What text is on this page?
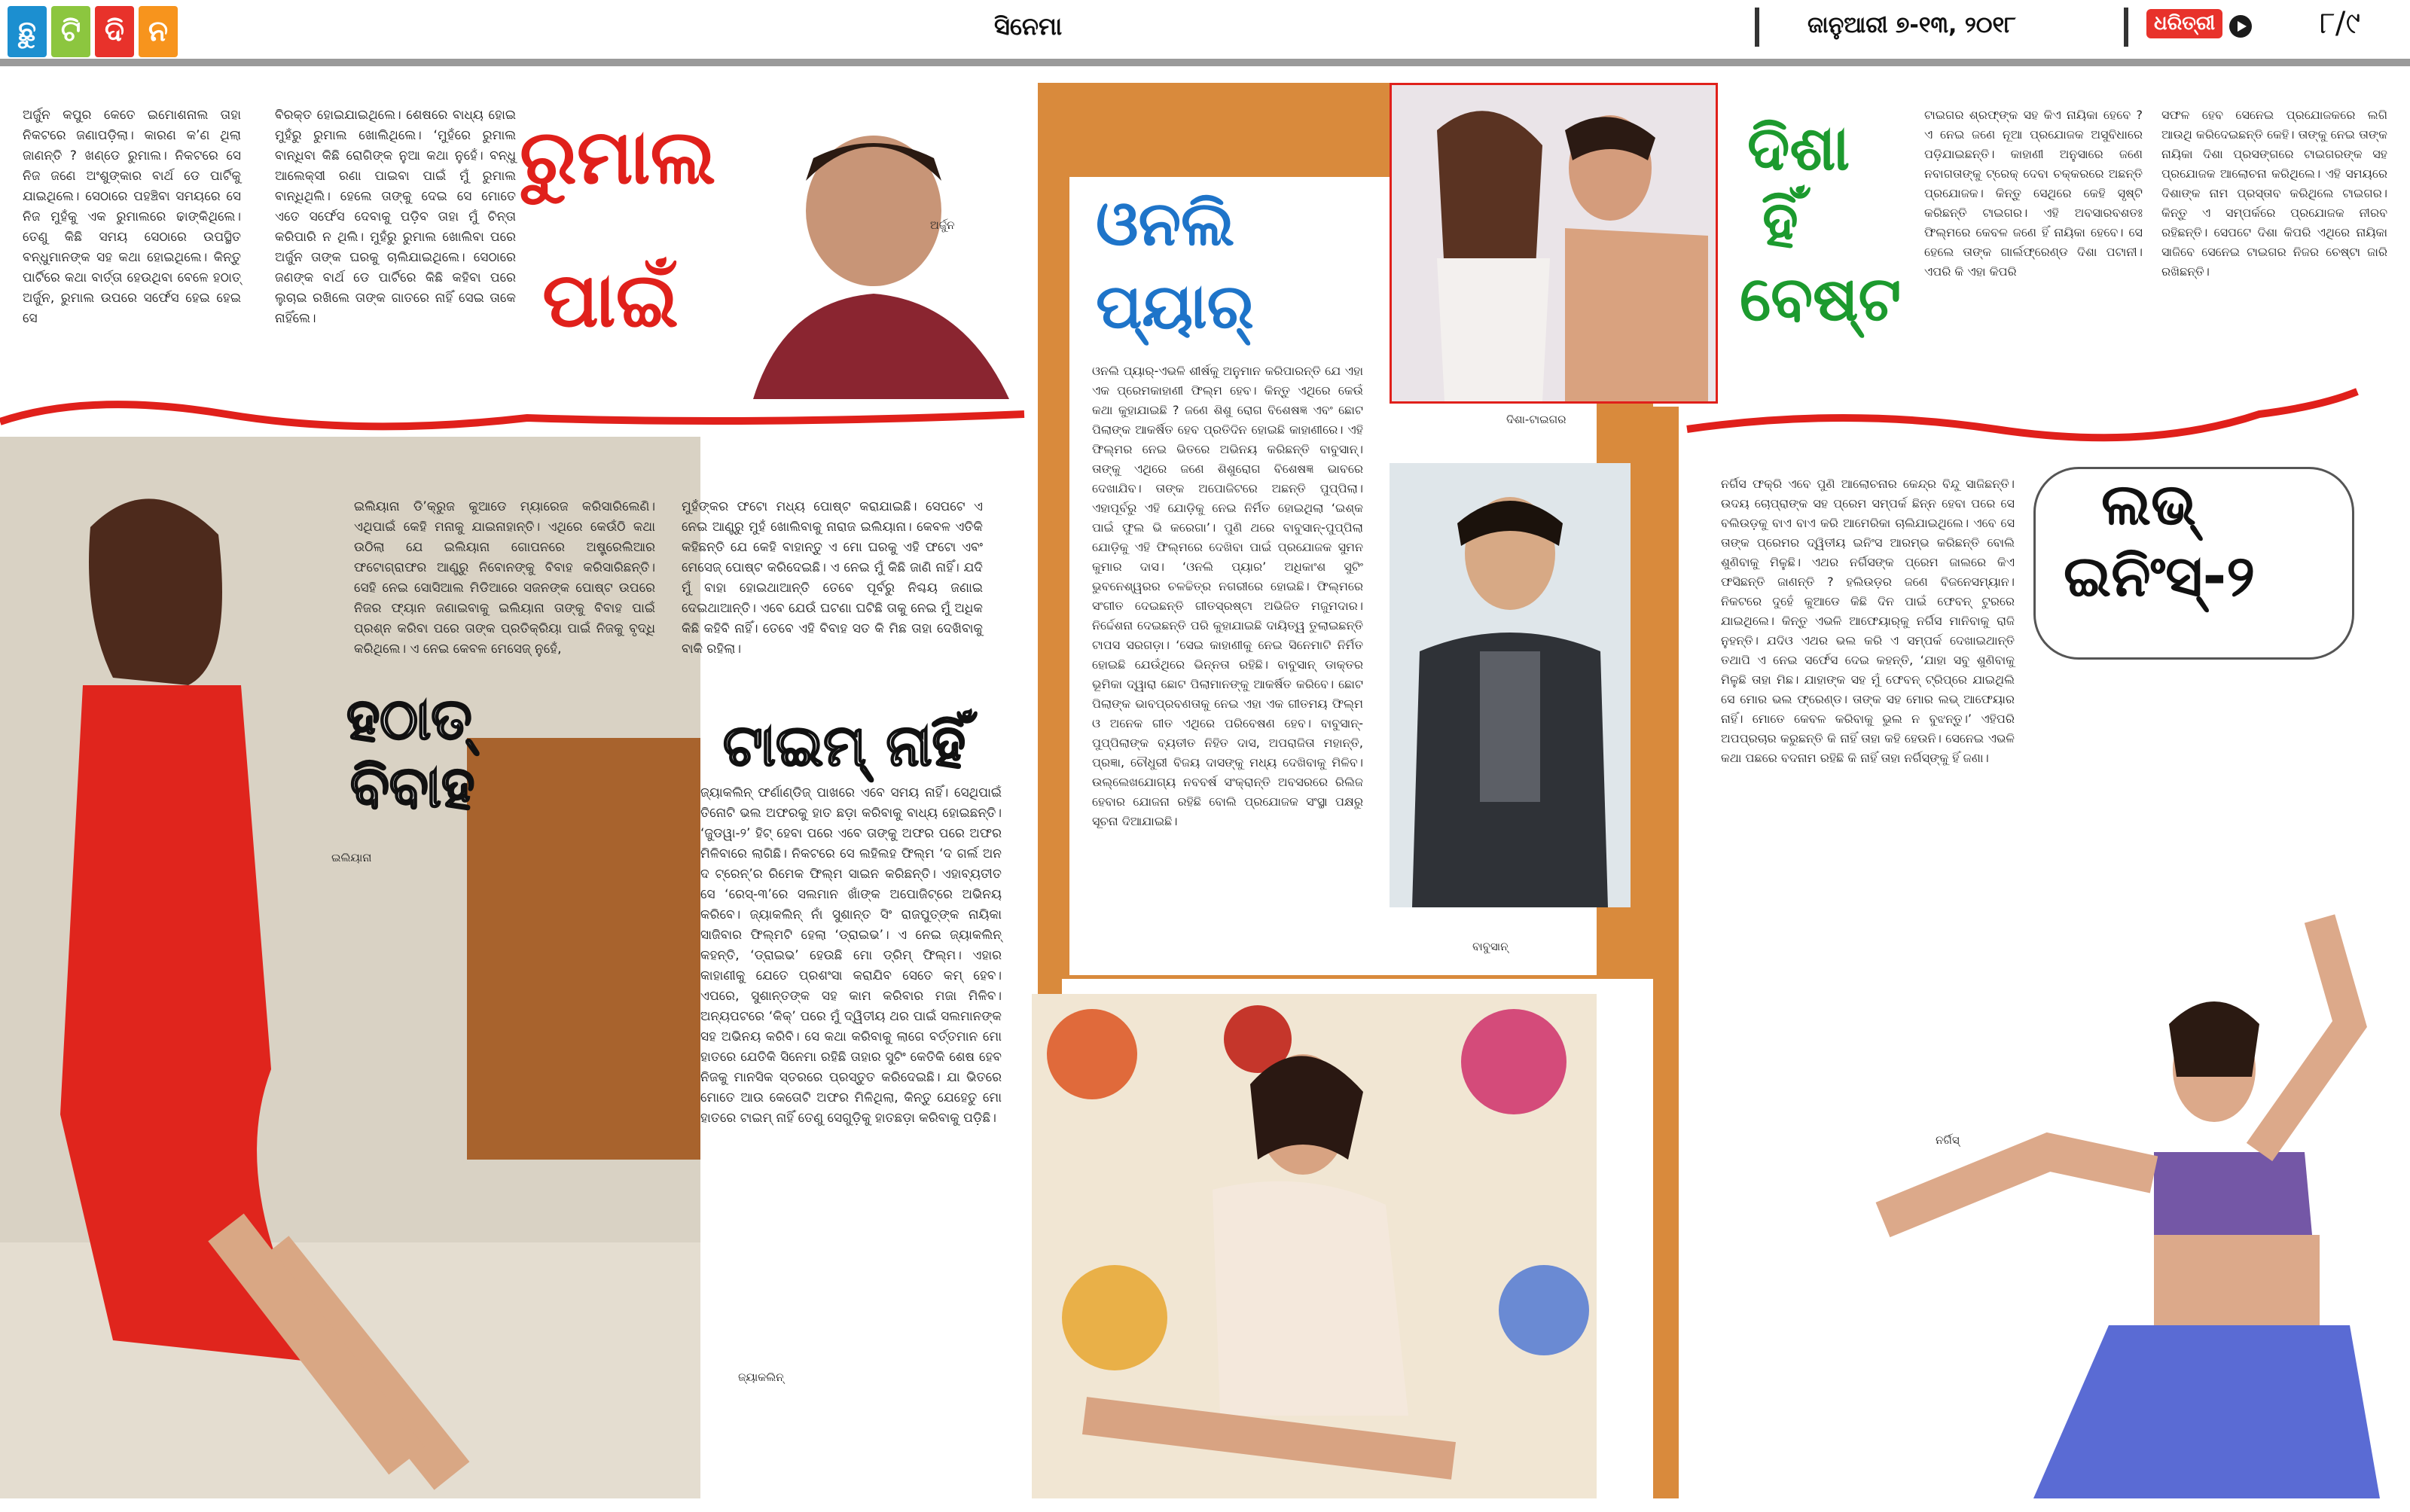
ଛୁ ଟି ଦି ନ	ସିନେମା	ଜାନୁଆରୀ ୭-୧୩, ୨୦୧୮	ଧରିତ୍ରୀ	୮/୯
ଅର୍ଜୁନ କପୁର କେତେ ଇମୋଶନାଲ ତାହା ନିକଟରେ ଜଣାପଡ଼ିଲା। କାରଣ କ’ଣ ଥିଲା ଜାଣନ୍ତି ? ଖଣ୍ଡେ ରୁମାଲ। ନିକଟରେ ସେ ନିଜ ଜଣେ ଅଂଶୁଙ୍କାର ବାର୍ଥ ଡେ ପାର୍ଟିକୁ ଯାଇଥିଲେ। ସେଠାରେ ପହଞ୍ଚିବା ସମୟରେ ସେ ନିଜ ମୁହଁକୁ ଏକ ରୁମାଲରେ ଢାଙ୍କିଥିଲେ। ତେଣୁ କିଛି ସମୟ ସେଠାରେ ଉପସ୍ଥିତ ବନ୍ଧୁମାନଙ୍କ ସହ କଥା ହୋଇଥିଲେ। କିନ୍ତୁ ପାର୍ଟିରେ କଥା ବାର୍ତ୍ତା ହେଉଥିବା ବେଳେ ହଠାତ୍ ଅର୍ଜୁନ, ରୁମାଲ ଉପରେ ସର୍ଫେସ ହେଇ ହେଇ ସେ
ବିରକ୍ତ ହୋଇଯାଇଥିଲେ। ଶେଷରେ ବାଧ୍ୟ ହୋଇ ମୁହଁରୁ ରୁମାଲ ଖୋଲିଥିଲେ। ‘ମୁହଁରେ ରୁମାଲ ବାନ୍ଧିବା କିଛି ରୋଗିଙ୍କ ନୁଆ କଥା ନୁହେଁ। ବନ୍ଧୁ ଆଲେକ୍ସୀ ରଣା ପାଇବା ପାଇଁ ମୁଁ ରୁମାଲ ବାନ୍ଧିଥିଲି। ହେଲେ ତାଙ୍କୁ ଦେଇ ସେ ମୋତେ ଏତେ ସର୍ଫେସ ଦେବାକୁ ପଡ଼ିବ ତାହା ମୁଁ ଚିନ୍ତା କରିପାରି ନ ଥିଲି। ମୁହଁରୁ ରୁମାଲ ଖୋଲିବା ପରେ ଅର୍ଜୁନ ତାଙ୍କ ଘରକୁ ଚାଲିଯାଇଥିଲେ। ସେଠାରେ ଜଣଙ୍କ ବାର୍ଥ ଡେ ପାର୍ଟିରେ କିଛି କହିବା ପରେ ଲୁଚାଇ ରଖିଲେ ତାଙ୍କ ଗାତରେ ନାହିଁ ସେଇ ତାକେ ନାହିଁଲେ।
ରୁମାଲ
ପାଇଁ
ଅର୍ଜୁନ
ଇଲିୟାନା
ଇଲିୟାନା ଡି’କ୍ରୁଜ କୁଆଡେ ମ୍ୟାରେଜ କରିସାରିଲେଣି। ଏଥିପାଇଁ କେହି ମନାକୁ ଯାଇନାହାନ୍ତି। ଏଥିରେ କେଉଁଠି କଥା ଉଠିଲା ଯେ ଇଲିୟାନା ଗୋପନରେ ଅଷ୍ଟ୍ରେଲିଆର ଫଟୋଗ୍ରାଫର ଆଣ୍ଡ୍ରୁ ନିବୋନଙ୍କୁ ବିବାହ କରିସାରିଛନ୍ତି। ସେହି ନେଇ ସୋସିଆଲ ମିଡିଆରେ ସଜନଙ୍କ ପୋଷ୍ଟ ଉପରେ ନିଜର ଫ୍ୟାନ ଜଣାଇବାକୁ ଇଲିୟାନା ତାଙ୍କୁ ବିବାହ ପାଇଁ ପ୍ରଶ୍ନ କରିବା ପରେ ତାଙ୍କ ପ୍ରତିକ୍ରିୟା ପାଇଁ ନିଜକୁ ବୃଦ୍ଧି କରିଥିଲେ। ଏ ନେଇ କେବଳ ମେସେଜ୍ ନୁହେଁ,
ମୁହଁଙ୍କର ଫଟୋ ମଧ୍ୟ ପୋଷ୍ଟ କରାଯାଇଛି। ସେପଟେ ଏ ନେଇ ଆଣ୍ଡ୍ରୁ ମୁହଁ ଖୋଲିବାକୁ ନାରାଜ ଇଲିୟାନା। କେବଳ ଏତିକି କହିଛନ୍ତି ଯେ କେହି ବାହାନ୍ତୁ ଏ ମୋ ଘରକୁ ଏହି ଫଟୋ ଏବଂ ମେସେଜ୍ ପୋଷ୍ଟ କରିଦେଇଛି। ଏ ନେଇ ମୁଁ କିଛି ଜାଣି ନାହିଁ। ଯଦି ମୁଁ ବାହା ହୋଇଥାଆନ୍ତି ତେବେ ପୂର୍ବରୁ ନିଶ୍ଚୟ ଜଣାଇ ଦେଇଥାଆନ୍ତି। ଏବେ ଯେଉଁ ଘଟଣା ଘଟିଛି ତାକୁ ନେଇ ମୁଁ ଅଧିକ କିଛି କହିବି ନାହିଁ। ତେବେ ଏହି ବିବାହ ସତ କି ମିଛ ତାହା ଦେଖିବାକୁ ବାକି ରହିଲା।
ହଠାତ୍
ବିବାହ
ଟାଇମ୍ ନାହିଁ
ଜ୍ୟାକଲିନ୍ ଫର୍ଣାଣ୍ଡିଜ୍ ପାଖରେ ଏବେ ସମୟ ନାହିଁ। ସେଥିପାଇଁ ତିନୋଟି ଭଲ ଅଫରକୁ ହାତ ଛଡ଼ା କରିବାକୁ ବାଧ୍ୟ ହୋଇଛନ୍ତି। ‘ଜୁଡୱା-୨’ ହିଟ୍ ହେବା ପରେ ଏବେ ତାଙ୍କୁ ଅଫର ପରେ ଅଫର ମିଳିବାରେ ଲାଗିଛି। ନିକଟରେ ସେ ଲହିଲହ ଫିଲ୍ମ ‘ଦ ଗର୍ଲ ଅନ ଦ ଟ୍ରେନ୍’ର ରିମେକ ଫିଲ୍ମ ସାଇନ କରିଛନ୍ତି। ଏହାବ୍ୟତୀତ ସେ ‘ରେସ୍-୩’ରେ ସଲମାନ ଖାଁଙ୍କ ଅପୋଜିଟ୍‌ରେ ଅଭିନୟ କରିବେ। ଜ୍ୟାକଲିନ୍ ନାଁ ସୁଶାନ୍ତ ସିଂ ରାଜପୁତ୍‌ଙ୍କ ନାୟିକା ସାଜିବାର ଫିଲ୍ମଟି ହେଲା ‘ଡ୍ରାଇଭ’। ଏ ନେଇ ଜ୍ୟାକଲିନ୍ କହନ୍ତି, ‘ଡ୍ରାଇଭ’ ହେଉଛି ମୋ ଡ୍ରିମ୍ ଫିଲ୍ମ। ଏହାର କାହାଣୀକୁ ଯେତେ ପ୍ରଶଂସା କରାଯିବ ସେତେ କମ୍ ହେବ। ଏପରେ, ସୁଶାନ୍ତଙ୍କ ସହ କାମ କରିବାର ମଜା ମିଳିବ। ଅନ୍ୟପଟରେ ‘କିକ୍’ ପରେ ମୁଁ ଦ୍ୱିତୀୟ ଥର ପାଇଁ ସଲମାନଙ୍କ ସହ ଅଭିନୟ କରିବି। ସେ କଥା କରିବାକୁ ଲାଗେ ବର୍ତ୍ତମାନ ମୋ ହାତରେ ଯେତିକି ସିନେମା ରହିଛି ତାହାର ସୁଟିଂ କେତିକି ଶେଷ ହେବ ନିଜକୁ ମାନସିକ ସ୍ତରରେ ପ୍ରସ୍ତୁତ କରିଦେଇଛି। ଯା ଭିତରେ ମୋତେ ଆଉ କେତୋଟି ଅଫର ମିଳିଥିଲା, କିନ୍ତୁ ଯେହେତୁ ମୋ ହାତରେ ଟାଇମ୍ ନାହିଁ ତେଣୁ ସେଗୁଡ଼ିକୁ ହାତଛଡ଼ା କରିବାକୁ ପଡ଼ିଛି।
ଜ୍ୟାକଲିନ୍
ଓନଲି
ପ୍ୟାର୍
ଓନଲି ପ୍ୟାର୍-ଏଭଳି ଶୀର୍ଷକୁ ଅନୁମାନ କରିପାରନ୍ତି ଯେ ଏହା ଏକ ପ୍ରେମକାହାଣୀ ଫିଲ୍ମ ହେବ। କିନ୍ତୁ ଏଥିରେ କେଉଁ କଥା କୁହାଯାଇଛି ? ଜଣେ ଶିଶୁ ରୋଗ ବିଶେଷଜ୍ଞ ଏବଂ ଛୋଟ ପିଲାଙ୍କ ଆକର୍ଷିତ ହେବ ପ୍ରତିଦିନ ହୋଇଛି କାହାଣୀରେ। ଏହି ଫିଲ୍ମର ନେଇ ଭିତରେ ଅଭିନୟ କରିଛନ୍ତି ବାବୁସାନ୍। ତାଙ୍କୁ ଏଥିରେ ଜଣେ ଶିଶୁରୋଗ ବିଶେଷଜ୍ଞ ଭାବରେ ଦେଖାଯିବ। ତାଙ୍କ ଅପୋଜିଟରେ ଅଛନ୍ତି ପୁପ୍ପିଲା। ଏହାପୂର୍ବରୁ ଏହି ଯୋଡ଼ିକୁ ନେଇ ନିର୍ମିତ ହୋଇଥିଲା ‘ଇଶ୍କ ପାଇଁ ଫୁଲ ଭି କରେଗା’। ପୁଣି ଥରେ ବାବୁସାନ୍-ପୁପ୍ପିଲା ଯୋଡ଼ିକୁ ଏହି ଫିଲ୍ମରେ ଦେଖିବା ପାଇଁ ପ୍ରଯୋଜକ ସୁମନ କୁମାର ଦାସ। ‘ଓନଲି ପ୍ୟାର’ ଅଧିକାଂଶ ସୁଟିଂ ଭୁବନେଶ୍ୱରର ଚଳଚ୍ଚିତ୍ର ନଗରୀରେ ହୋଇଛି। ଫିଲ୍ମରେ ସଂଗୀତ ଦେଇଛନ୍ତି ଗୀତସ୍ରଷ୍ଟା ଅଭିଜିତ ମଜୁମଦାର। ନିର୍ଦ୍ଦେଶନା ଦେଇଛନ୍ତି ପରି କୁହାଯାଇଛି ଦାୟିତ୍ୱ ତୁଲାଇଛନ୍ତି ଟାପସ ସରଗଡ଼ା। ‘ସେଇ କାହାଣୀକୁ ନେଇ ସିନେମାଟି ନିର୍ମିତ ହୋଇଛି ଯେଉଁଥିରେ ଭିନ୍ନତା ରହିଛି। ବାବୁସାନ୍ ଡାକ୍ତର ଭୂମିକା ଦ୍ୱାରା ଛୋଟ ପିଲାମାନଙ୍କୁ ଆକର୍ଷିତ କରିବେ। ଛୋଟ ପିଲାଙ୍କ ଭାବପ୍ରବଣତାକୁ ନେଇ ଏହା ଏକ ଗୀତମୟ ଫିଲ୍ମ ଓ ଅନେକ ଗୀତ ଏଥିରେ ପରିବେଷଣ ହେବ। ବାବୁସାନ୍-ପୁପ୍ପିଲାଙ୍କ ବ୍ୟତୀତ ନିହିତ ଦାସ, ଅପରାଜିତା ମହାନ୍ତି, ପ୍ରଜ୍ଞା, ଚୌଧୁରୀ ବିଜୟ ଦାସଙ୍କୁ ମଧ୍ୟ ଦେଖିବାକୁ ମିଳିବ। ଉଲ୍ଲେଖଯୋଗ୍ୟ ନବବର୍ଷ ସଂକ୍ରାନ୍ତି ଅବସରରେ ରିଲିଜ ହେବାର ଯୋଜନା ରହିଛି ବୋଲି ପ୍ରଯୋଜକ ସଂସ୍ଥା ପକ୍ଷରୁ ସୂଚନା ଦିଆଯାଇଛି।
ଦିଶା-ଟାଇଗର
ବାବୁସାନ୍
ଦିଶା
ହିଁ
ବେଷ୍ଟ
ଟାଇଗର ଶ୍ରଫ୍‌ଙ୍କ ସହ କିଏ ନାୟିକା ହେବେ ? ଏ ନେଇ ଜଣେ ନୂଆ ପ୍ରଯୋଜକ ଅସୁବିଧାରେ ପଡ଼ିଯାଇଛନ୍ତି। କାହାଣୀ ଅନୁସାରେ ଜଣେ ନବାଗତାଙ୍କୁ ଟ୍ରେକ୍ ଦେବା ଚକ୍କରରେ ଅଛନ୍ତି ପ୍ରଯୋଜକ। କିନ୍ତୁ ସେଥିରେ କେହି ସୃଷ୍ଟି କରିଛନ୍ତି ଟାଇଗର। ଏହି ଅବସାରବଶତଃ ଫିଲ୍ମରେ କେବଳ ଜଣେ ହିଁ ନାୟିକା ହେବେ। ସେ ହେଲେ ତାଙ୍କ ଗାର୍ଲଫ୍ରେଣ୍ଡ ଦିଶା ପଟାନୀ। ଏପରି କି ଏହା କିପରି
ସଫଳ ହେବ ସେନେଇ ପ୍ରଯୋଜକରେ ଲଗି ଆଉଥି କରିଦେଇଛନ୍ତି କେହି। ତାଙ୍କୁ ନେଇ ତାଙ୍କ ନାୟିକା ଦିଶା ପ୍ରସଙ୍ଗରେ ଟାଇଗରଙ୍କ ସହ ପ୍ରଯୋଜକ ଆଲୋଚନା କରିଥିଲେ। ଏହି ସମୟରେ ଦିଶାଙ୍କ ନାମ ପ୍ରସ୍ତାବ କରିଥିଲେ ଟାଇଗର। କିନ୍ତୁ ଏ ସମ୍ପର୍କରେ ପ୍ରଯୋଜକ ନୀରବ ରହିଛନ୍ତି। ସେପଟେ ଦିଶା କିପରି ଏଥିରେ ନାୟିକା ସାଜିବେ ସେନେଇ ଟାଇଗର ନିଜର ଚେଷ୍ଟା ଜାରି ରଖିଛନ୍ତି।
ଲଭ୍
ଇନିଂସ୍-୨
ନର୍ଗିସ ଫକ୍ରି ଏବେ ପୁଣି ଆଲୋଚନାର କେନ୍ଦ୍ର ବିନ୍ଦୁ ସାଜିଛନ୍ତି। ଉଦୟ ଚୋପ୍ରାଙ୍କ ସହ ପ୍ରେମ ସମ୍ପର୍କ ଛିନ୍ନ ହେବା ପରେ ସେ ବଲିଉଡ଼କୁ ବାଏ ବାଏ କରି ଆମେରିକା ଚାଲିଯାଇଥିଲେ। ଏବେ ସେ ତାଙ୍କ ପ୍ରେମର ଦ୍ୱିତୀୟ ଇନିଂସ ଆରମ୍ଭ କରିଛନ୍ତି ବୋଲି ଶୁଣିବାକୁ ମିଳୁଛି। ଏଥର ନର୍ଗିସଙ୍କ ପ୍ରେମ ଜାଲରେ କିଏ ଫସିଛନ୍ତି ଜାଣନ୍ତି ? ହଲିଉଡ଼ର ଜଣେ ବିଜନେସମ୍ୟାନ। ନିକଟରେ ଦୁହେଁ କୁଆଡେ କିଛି ଦିନ ପାଇଁ ଫେବନ୍ ଟୁରରେ ଯାଇଥିଲେ। କିନ୍ତୁ ଏଭଳି ଆଫେୟାର୍‌କୁ ନର୍ଗିସ ମାନିବାକୁ ରାଜି ନୁହନ୍ତି। ଯଦିଓ ଏଥର ଭଲ କରି ଏ ସମ୍ପର୍କ ଦେଖାଇଥାନ୍ତି ତଥାପି ଏ ନେଇ ସର୍ଫେସ ଦେଇ କହନ୍ତି, ‘ଯାହା ସବୁ ଶୁଣିବାକୁ ମିଳୁଛି ତାହା ମିଛ। ଯାହାଙ୍କ ସହ ମୁଁ ଫେବନ୍ ଟ୍ରିପ୍‌ରେ ଯାଇଥିଲି ସେ ମୋର ଭଲ ଫ୍ରେଣ୍ଡ। ତାଙ୍କ ସହ ମୋର ଲଭ୍ ଆଫେୟାର ନାହିଁ। ମୋତେ କେବଳ କରିବାକୁ ଭୁଲ ନ ବୁଝନ୍ତୁ।’ ଏହିପରି ଅପପ୍ରଚାର କରୁଛନ୍ତି କି ନାହିଁ ତାହା କହି ହେଉନି। ସେନେଇ ଏଭଳି କଥା ପଛରେ ବଦନାମ ରହିଛି କି ନାହିଁ ତାହା ନର୍ଗିସ୍‌ଙ୍କୁ ହିଁ ଜଣା।
ନର୍ଗିସ୍
